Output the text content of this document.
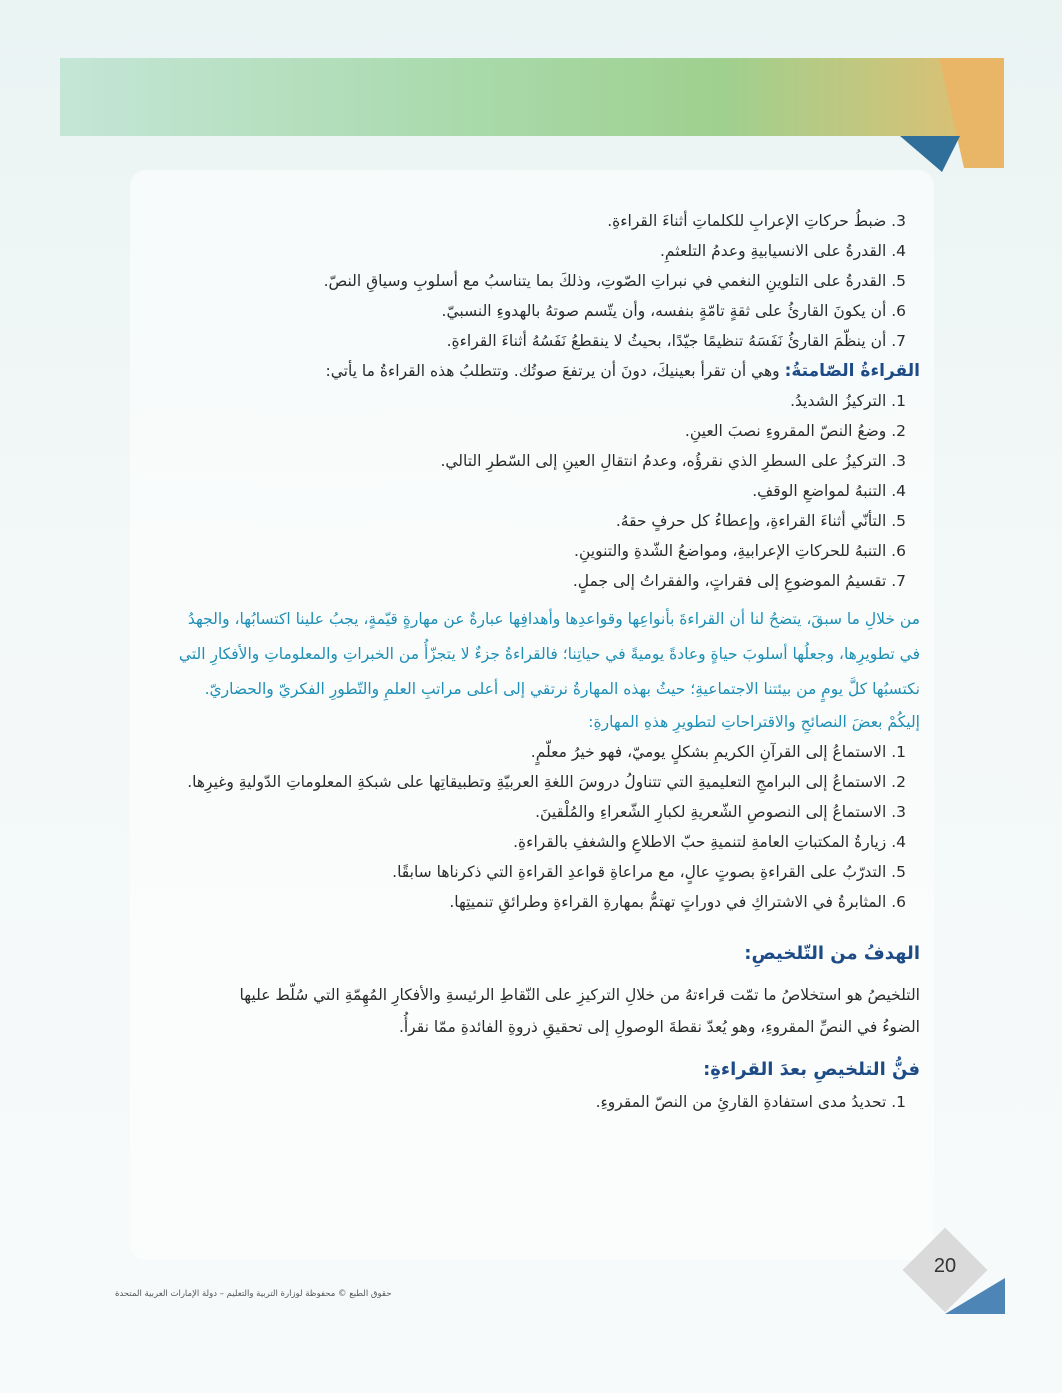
3. ضبطُ حركاتِ الإعرابِ للكلماتِ أثناءَ القراءةِ.
4. القدرةُ على الانسيابيةِ وعدمُ التلعثمِ.
5. القدرةُ على التلوينِ النغمي في نبراتِ الصّوتِ، وذلكَ بما يتناسبُ مع أسلوبِ وسياقِ النصّ.
6. أن يكونَ القارئُ على ثقةٍ تامّةٍ بنفسه، وأن يتّسم صوتهُ بالهدوءِ النسبيّ.
7. أن ينظّمَ القارئُ نَفَسَهُ تنظيمًا جيّدًا، بحيثُ لا ينقطعُ نَفَسُهُ أثناءَ القراءةِ.
القراءةُ الصّامتةُ: وهي أن تقرأ بعينيكَ، دونَ أن يرتفعَ صوتُك. وتتطلبُ هذه القراءةُ ما يأتي:
1. التركيزُ الشديدُ.
2. وضعُ النصّ المقروءِ نصبَ العينِ.
3. التركيزُ على السطرِ الذي نقرؤُه، وعدمُ انتقالِ العينِ إلى السّطرِ التالي.
4. التنبهُ لمواضعِ الوقفِ.
5. التأنّي أثناءَ القراءةِ، وإعطاءُ كل حرفٍ حقهُ.
6. التنبهُ للحركاتِ الإعرابيةِ، ومواضعُ الشّدةِ والتنوينِ.
7. تقسيمُ الموضوعِ إلى فقراتٍ، والفقراتُ إلى جملٍ.
من خلالِ ما سبقَ، يتضحُ لنا أن القراءةَ بأنواعِها وقواعدِها وأهدافِها عبارةٌ عن مهارةٍ قيّمةٍ، يجبُ علينا اكتسابُها، والجهدُ
في تطويرِها، وجعلُها أسلوبَ حياةٍ وعادةً يوميةً في حياتِنا؛ فالقراءةُ جزءٌ لا يتجزّأُ من الخبراتِ والمعلوماتِ والأفكارِ التي
نكتسبُها كلَّ يومٍ من بيئتنا الاجتماعيةِ؛ حيثُ بهذه المهارةُ نرتقي إلى أعلى مراتبِ العلمِ والتّطورِ الفكريّ والحضاريّ.
إليكُمْ بعضَ النصائحِ والاقتراحاتِ لتطويرِ هذهِ المهارةِ:
1. الاستماعُ إلى القرآنِ الكريمِ بشكلٍ يوميّ، فهو خيرُ معلّمٍ.
2. الاستماعُ إلى البرامجِ التعليميةِ التي تتناولُ دروسَ اللغةِ العربيّةِ وتطبيقاتِها على شبكةِ المعلوماتِ الدّوليةِ وغيرِها.
3. الاستماعُ إلى النصوصِ الشّعريةِ لكبارِ الشّعراءِ والمُلْقينَ.
4. زيارةُ المكتباتِ العامةِ لتنميةِ حبّ الاطلاعِ والشغفِ بالقراءةِ.
5. التدرّبُ على القراءةِ بصوتٍ عالٍ، مع مراعاةِ قواعدِ القراءةِ التي ذكرناها سابقًا.
6. المثابرةُ في الاشتراكِ في دوراتٍ تهتمُّ بمهارةِ القراءةِ وطرائقِ تنميتِها.
الهدفُ من التّلخيصِ:
التلخيصُ هو استخلاصُ ما تمّت قراءتهُ من خلالِ التركيزِ على النّقاطِ الرئيسةِ والأفكارِ المُهِمّةِ التي سُلّط عليها
الضوءُ في النصِّ المقروءِ، وهو يُعدّ نقطةَ الوصولِ إلى تحقيقِ ذروةِ الفائدةِ ممّا نقرأُ.
فنُّ التلخيصِ بعدَ القراءةِ:
1. تحديدُ مدى استفادةِ القارئِ من النصّ المقروءِ.
20
حقوق الطبع © محفوظة لوزارة التربية والتعليم – دولة الإمارات العربية المتحدة
